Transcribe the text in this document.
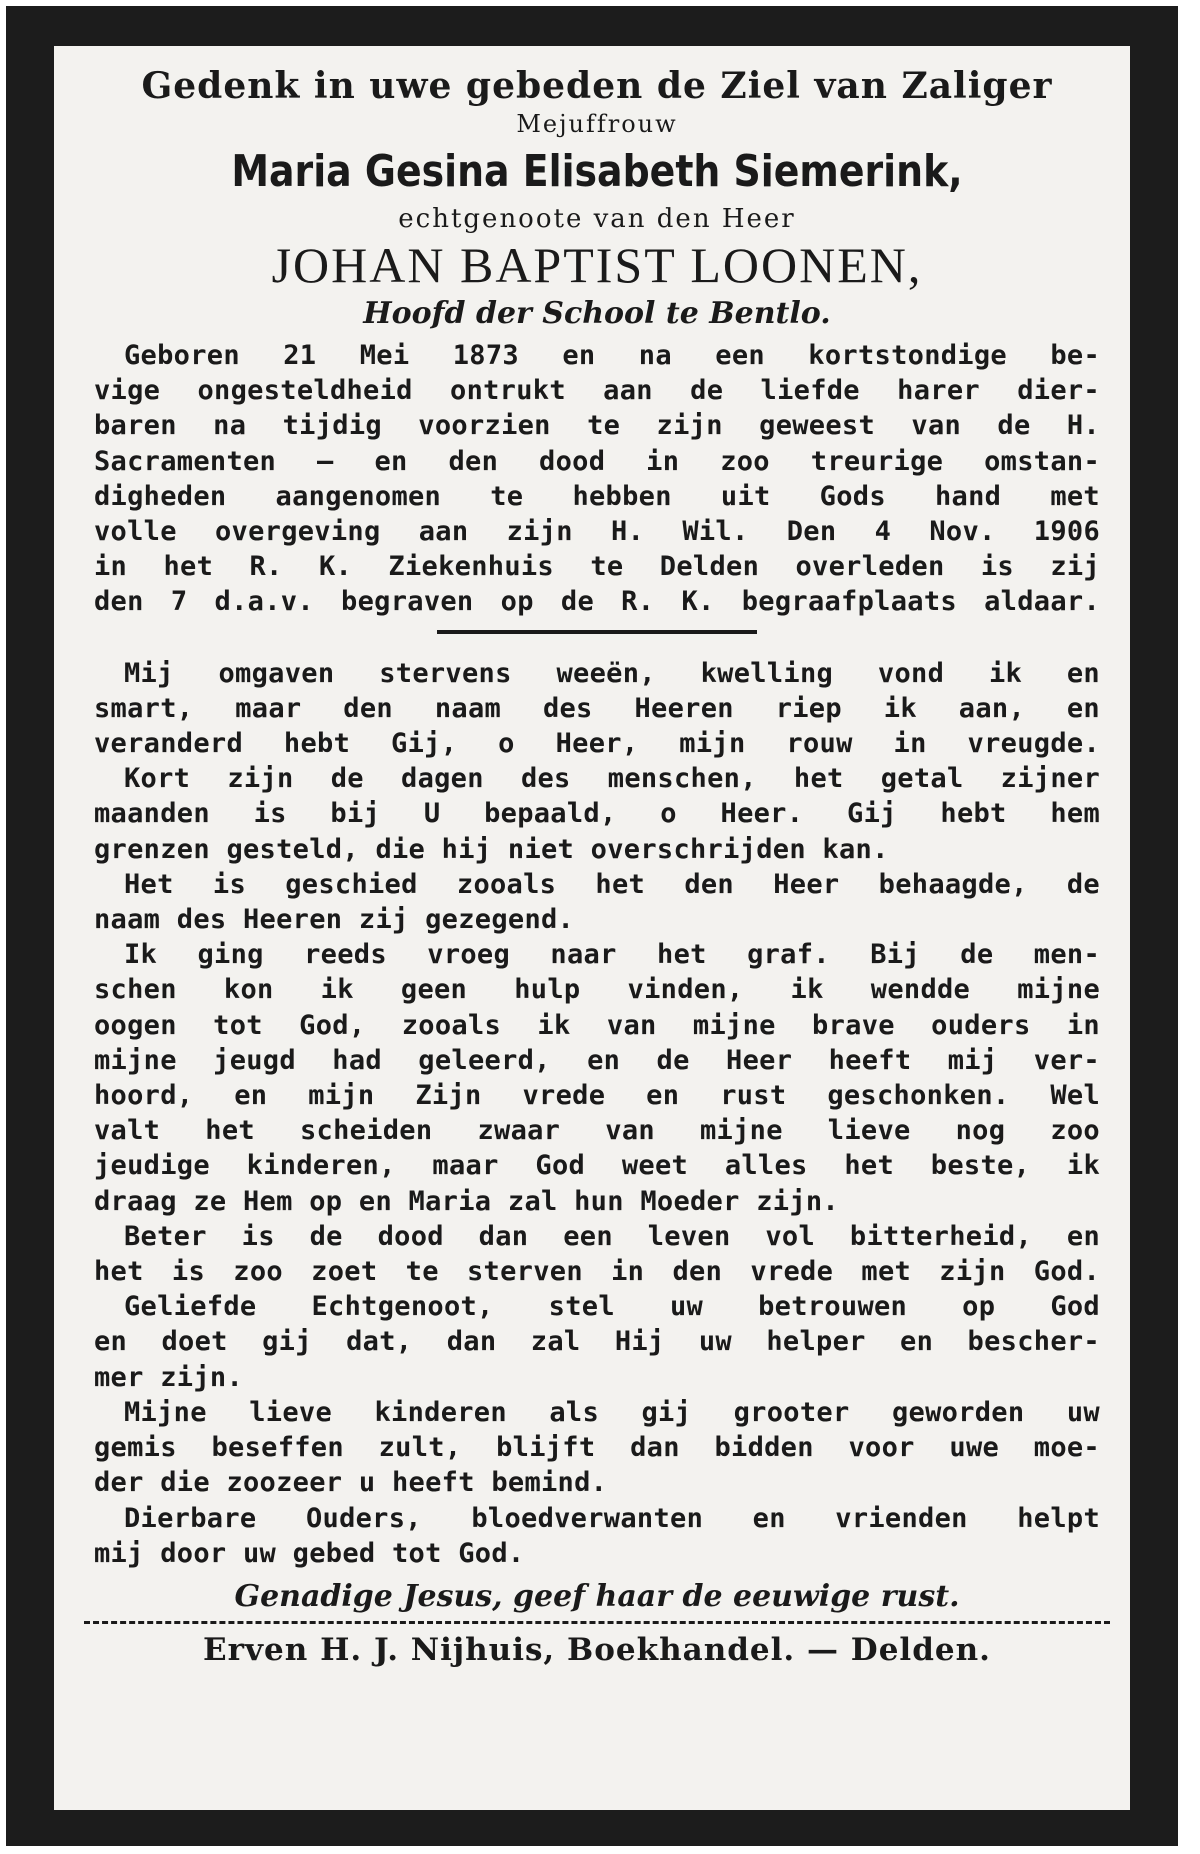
Gedenk in uwe gebeden de Ziel van Zaliger

Mejuffrouw

Maria Gesina Elisabeth Siemerink,

echtgenoote van den Heer

JOHAN BAPTIST LOONEN,

Hoofd der School te Bentlo.

Geboren 21 Mei 1873 en na een kortstondige be-
vige ongesteldheid ontrukt aan de liefde harer dier-
baren na tijdig voorzien te zijn geweest van de H.
Sacramenten — en den dood in zoo treurige omstan-
digheden aangenomen te hebben uit Gods hand met
volle overgeving aan zijn H. Wil. Den 4 Nov. 1906
in het R. K. Ziekenhuis te Delden overleden is zij
den 7 d.a.v. begraven op de R. K. begraafplaats aldaar.
Mij omgaven stervens weeën, kwelling vond ik en
smart, maar den naam des Heeren riep ik aan, en
veranderd hebt Gij, o Heer, mijn rouw in vreugde.
Kort zijn de dagen des menschen, het getal zijner
maanden is bij U bepaald, o Heer. Gij hebt hem
grenzen gesteld, die hij niet overschrijden kan.
Het is geschied zooals het den Heer behaagde, de
naam des Heeren zij gezegend.
Ik ging reeds vroeg naar het graf. Bij de men-
schen kon ik geen hulp vinden, ik wendde mijne
oogen tot God, zooals ik van mijne brave ouders in
mijne jeugd had geleerd, en de Heer heeft mij ver-
hoord, en mijn Zijn vrede en rust geschonken. Wel
valt het scheiden zwaar van mijne lieve nog zoo
jeudige kinderen, maar God weet alles het beste, ik
draag ze Hem op en Maria zal hun Moeder zijn.
Beter is de dood dan een leven vol bitterheid, en
het is zoo zoet te sterven in den vrede met zijn God.
Geliefde Echtgenoot, stel uw betrouwen op God
en doet gij dat, dan zal Hij uw helper en bescher-
mer zijn.
Mijne lieve kinderen als gij grooter geworden uw
gemis beseffen zult, blijft dan bidden voor uwe moe-
der die zoozeer u heeft bemind.
Dierbare Ouders, bloedverwanten en vrienden helpt
mij door uw gebed tot God.

Genadige Jesus, geef haar de eeuwige rust.

Erven H. J. Nijhuis, Boekhandel. — Delden.
